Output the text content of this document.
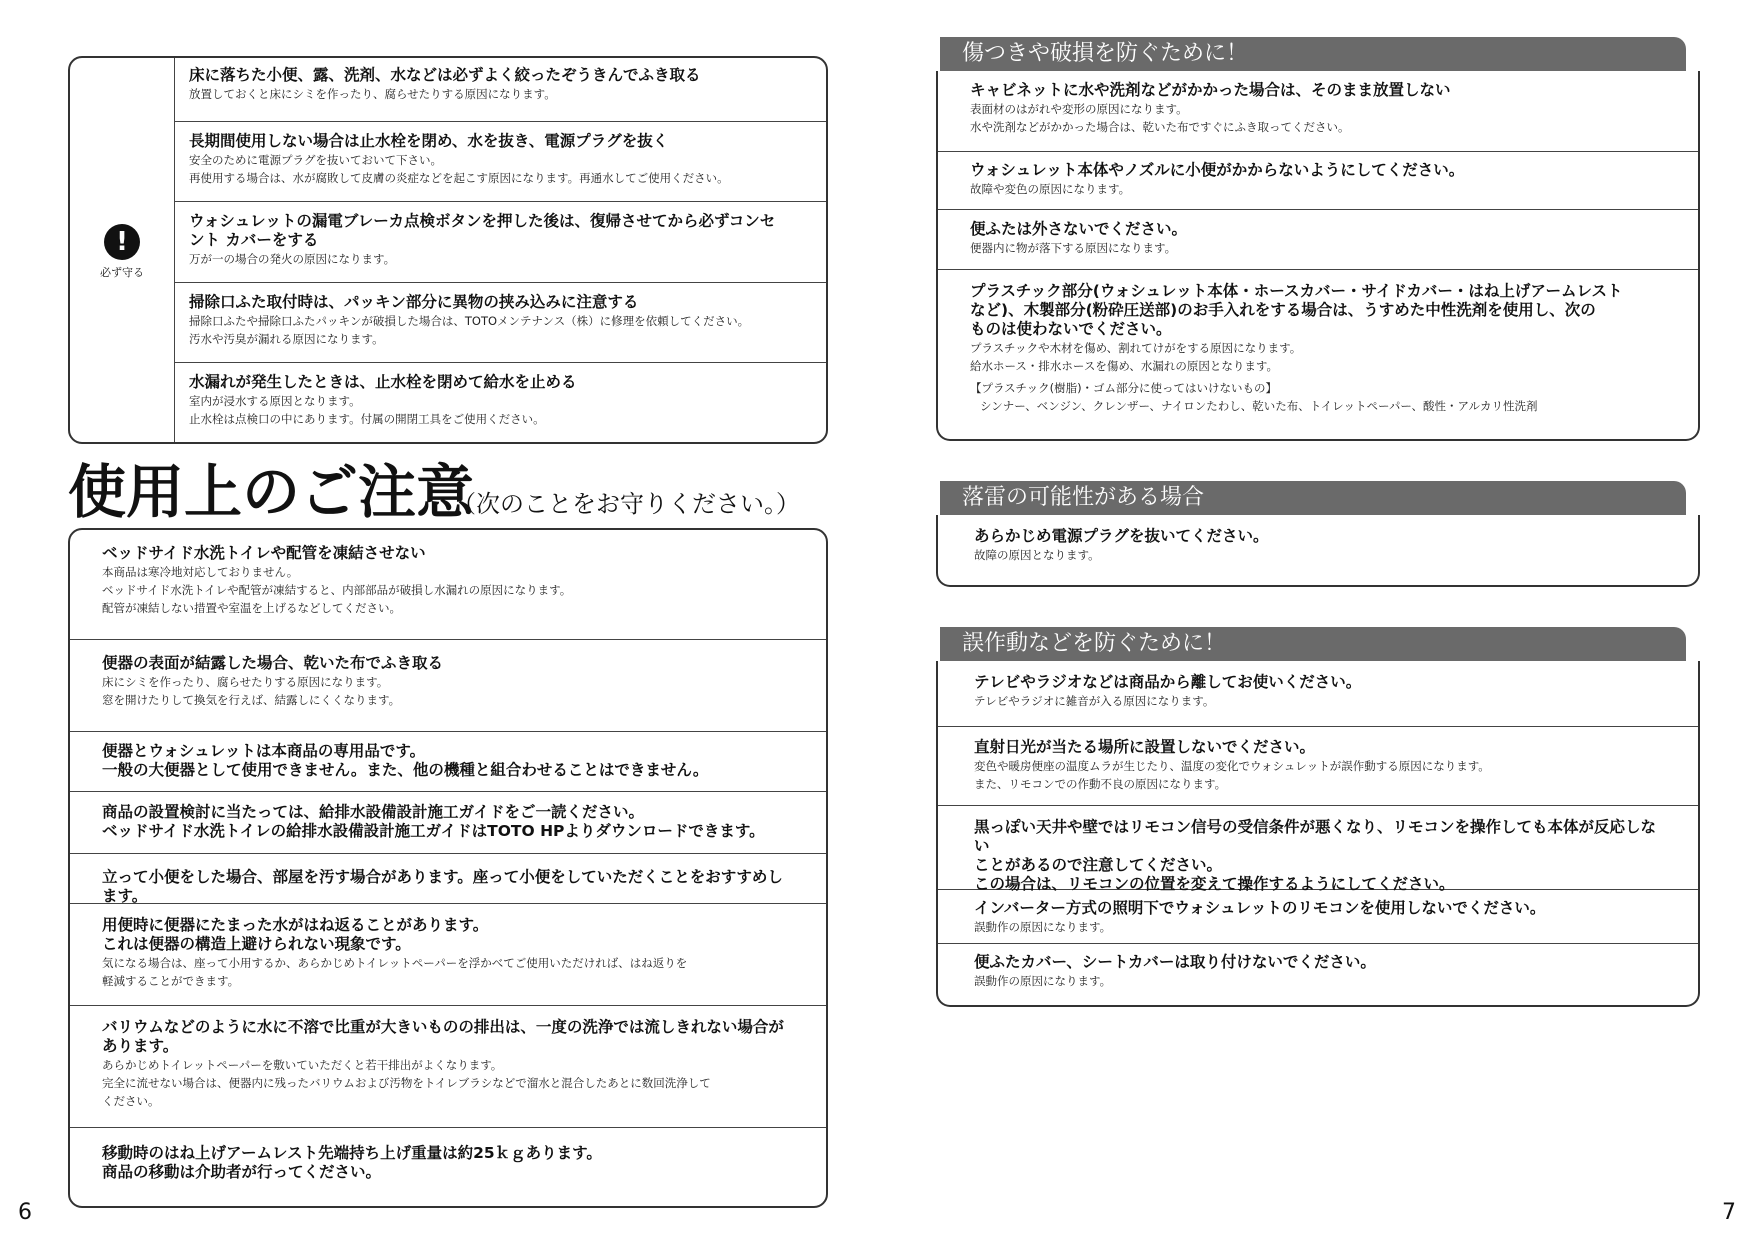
!
必ず守る
床に落ちた小便、露、洗剤、水などは必ずよく絞ったぞうきんでふき取る
放置しておくと床にシミを作ったり、腐らせたりする原因になります。
長期間使用しない場合は止水栓を閉め、水を抜き、電源プラグを抜く
安全のために電源プラグを抜いておいて下さい。
再使用する場合は、水が腐敗して皮膚の炎症などを起こす原因になります。再通水してご使用ください。
ウォシュレットの漏電ブレーカ点検ボタンを押した後は、復帰させてから必ずコンセント カバーをする
万が一の場合の発火の原因になります。
掃除口ふた取付時は、パッキン部分に異物の挟み込みに注意する
掃除口ふたや掃除口ふたパッキンが破損した場合は、TOTOメンテナンス（株）に修理を依頼してください。
汚水や汚臭が漏れる原因になります。
水漏れが発生したときは、止水栓を閉めて給水を止める
室内が浸水する原因となります。
止水栓は点検口の中にあります。付属の開閉工具をご使用ください。
使用上のご注意
（次のことをお守りください。）
ベッドサイド水洗トイレや配管を凍結させない
本商品は寒冷地対応しておりません。
ベッドサイド水洗トイレや配管が凍結すると、内部部品が破損し水漏れの原因になります。
配管が凍結しない措置や室温を上げるなどしてください。
便器の表面が結露した場合、乾いた布でふき取る
床にシミを作ったり、腐らせたりする原因になります。
窓を開けたりして換気を行えば、結露しにくくなります。
便器とウォシュレットは本商品の専用品です。
一般の大便器として使用できません。また、他の機種と組合わせることはできません。
商品の設置検討に当たっては、給排水設備設計施工ガイドをご一読ください。
ベッドサイド水洗トイレの給排水設備設計施工ガイドはTOTO HPよりダウンロードできます。
立って小便をした場合、部屋を汚す場合があります。座って小便をしていただくことをおすすめします。
用便時に便器にたまった水がはね返ることがあります。
これは便器の構造上避けられない現象です。
気になる場合は、座って小用するか、あらかじめトイレットペーパーを浮かべてご使用いただければ、はね返りを
軽減することができます。
バリウムなどのように水に不溶で比重が大きいものの排出は、一度の洗浄では流しきれない場合が
あります。
あらかじめトイレットペーパーを敷いていただくと若干排出がよくなります。
完全に流せない場合は、便器内に残ったバリウムおよび汚物をトイレブラシなどで溜水と混合したあとに数回洗浄して
ください。
移動時のはね上げアームレスト先端持ち上げ重量は約25ｋｇあります。
商品の移動は介助者が行ってください。
6
傷つきや破損を防ぐために！
キャビネットに水や洗剤などがかかった場合は、そのまま放置しない
表面材のはがれや変形の原因になります。
水や洗剤などがかかった場合は、乾いた布ですぐにふき取ってください。
ウォシュレット本体やノズルに小便がかからないようにしてください。
故障や変色の原因になります。
便ふたは外さないでください。
便器内に物が落下する原因になります。
プラスチック部分(ウォシュレット本体・ホースカバー・サイドカバー・はね上げアームレスト
など)、木製部分(粉砕圧送部)のお手入れをする場合は、うすめた中性洗剤を使用し、次の
ものは使わないでください。
プラスチックや木材を傷め、割れてけがをする原因になります。
給水ホース・排水ホースを傷め、水漏れの原因となります。
【プラスチック(樹脂)・ゴム部分に使ってはいけないもの】
シンナー、ベンジン、クレンザー、ナイロンたわし、乾いた布、トイレットペーパー、酸性・アルカリ性洗剤
落雷の可能性がある場合
あらかじめ電源プラグを抜いてください。
故障の原因となります。
誤作動などを防ぐために！
テレビやラジオなどは商品から離してお使いください。
テレビやラジオに雑音が入る原因になります。
直射日光が当たる場所に設置しないでください。
変色や暖房便座の温度ムラが生じたり、温度の変化でウォシュレットが誤作動する原因になります。
また、リモコンでの作動不良の原因になります。
黒っぽい天井や壁ではリモコン信号の受信条件が悪くなり、リモコンを操作しても本体が反応しない
ことがあるので注意してください。
この場合は、リモコンの位置を変えて操作するようにしてください。
インバーター方式の照明下でウォシュレットのリモコンを使用しないでください。
誤動作の原因になります。
便ふたカバー、シートカバーは取り付けないでください。
誤動作の原因になります。
7
